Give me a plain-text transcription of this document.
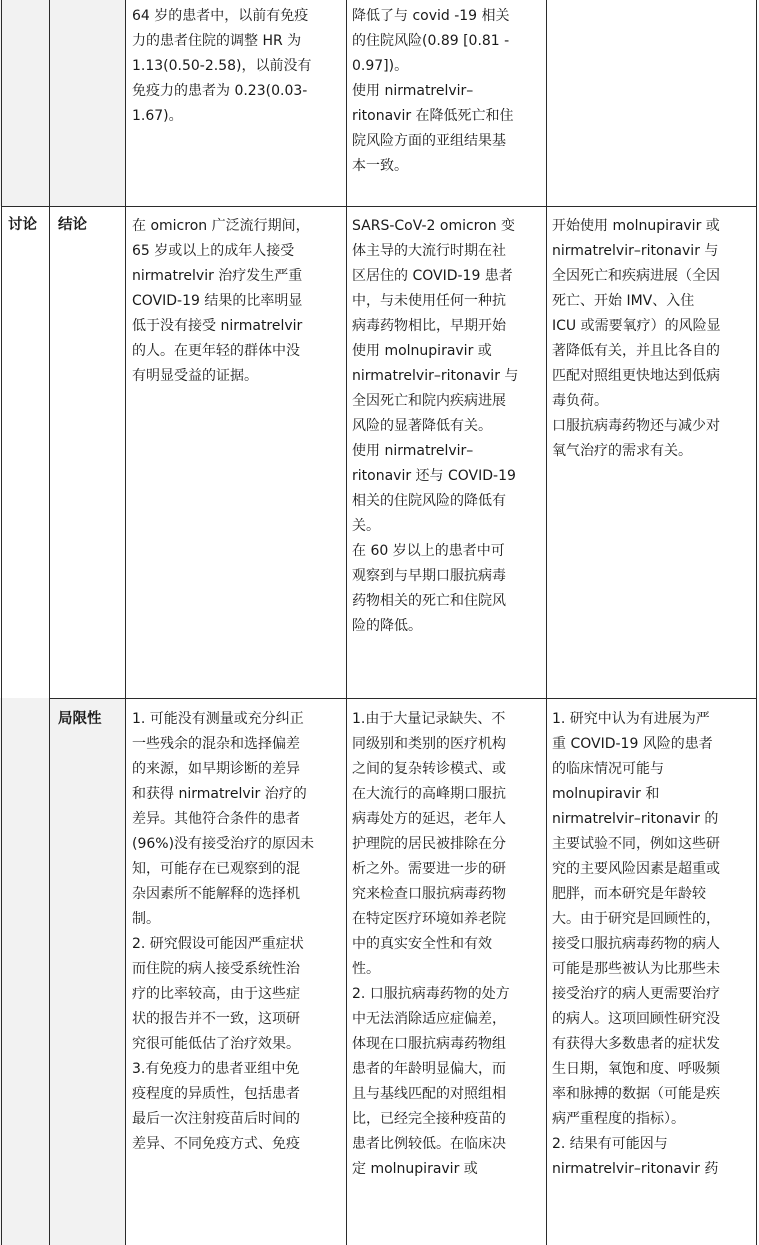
64 岁的患者中，以前有免疫

力的患者住院的调整 HR 为

1.13(0.50-2.58)，以前没有

免疫力的患者为 0.23(0.03-

1.67)。

降低了与 covid -19 相关

的住院风险(0.89 [0.81 -

0.97])。

使用 nirmatrelvir–

ritonavir 在降低死亡和住

院风险方面的亚组结果基

本一致。

讨论 结论
局限性

在 omicron 广泛流行期间，

65 岁或以上的成年人接受

nirmatrelvir 治疗发生严重

COVID-19 结果的比率明显

低于没有接受 nirmatrelvir

的人。在更年轻的群体中没

有明显受益的证据。

SARS-CoV-2 omicron 变

体主导的大流行时期在社

区居住的 COVID-19 患者

中，与未使用任何一种抗

病毒药物相比，早期开始

使用 molnupiravir 或

nirmatrelvir–ritonavir 与

全因死亡和院内疾病进展

风险的显著降低有关。

使用 nirmatrelvir–

ritonavir 还与 COVID-19

相关的住院风险的降低有

关。

在 60 岁以上的患者中可

观察到与早期口服抗病毒

药物相关的死亡和住院风

险的降低。

开始使用 molnupiravir 或

nirmatrelvir–ritonavir 与

全因死亡和疾病进展（全因

死亡、开始 IMV、入住

ICU 或需要氧疗）的风险显

著降低有关，并且比各自的

匹配对照组更快地达到低病

毒负荷。

口服抗病毒药物还与减少对

氧气治疗的需求有关。

1. 可能没有测量或充分纠正

一些残余的混杂和选择偏差

的来源，如早期诊断的差异

和获得 nirmatrelvir 治疗的

差异。其他符合条件的患者

(96%)没有接受治疗的原因未

知，可能存在已观察到的混

杂因素所不能解释的选择机

制。

2. 研究假设可能因严重症状

而住院的病人接受系统性治

疗的比率较高，由于这些症

状的报告并不一致，这项研

究很可能低估了治疗效果。

3.有免疫力的患者亚组中免

疫程度的异质性，包括患者

最后一次注射疫苗后时间的

差异、不同免疫方式、免疫

1.由于大量记录缺失、不

同级别和类别的医疗机构

之间的复杂转诊模式、或

在大流行的高峰期口服抗

病毒处方的延迟，老年人

护理院的居民被排除在分

析之外。需要进一步的研

究来检查口服抗病毒药物

在特定医疗环境如养老院

中的真实安全性和有效

性。

2. 口服抗病毒药物的处方

中无法消除适应症偏差，

体现在口服抗病毒药物组

患者的年龄明显偏大，而

且与基线匹配的对照组相

比，已经完全接种疫苗的

患者比例较低。在临床决

定 molnupiravir 或

1. 研究中认为有进展为严

重 COVID-19 风险的患者

的临床情况可能与

molnupiravir 和

nirmatrelvir–ritonavir 的

主要试验不同，例如这些研

究的主要风险因素是超重或

肥胖，而本研究是年龄较

大。由于研究是回顾性的，

接受口服抗病毒药物的病人

可能是那些被认为比那些未

接受治疗的病人更需要治疗

的病人。这项回顾性研究没

有获得大多数患者的症状发

生日期，氧饱和度、呼吸频

率和脉搏的数据（可能是疾

病严重程度的指标）。

2. 结果有可能因与

nirmatrelvir–ritonavir 药
